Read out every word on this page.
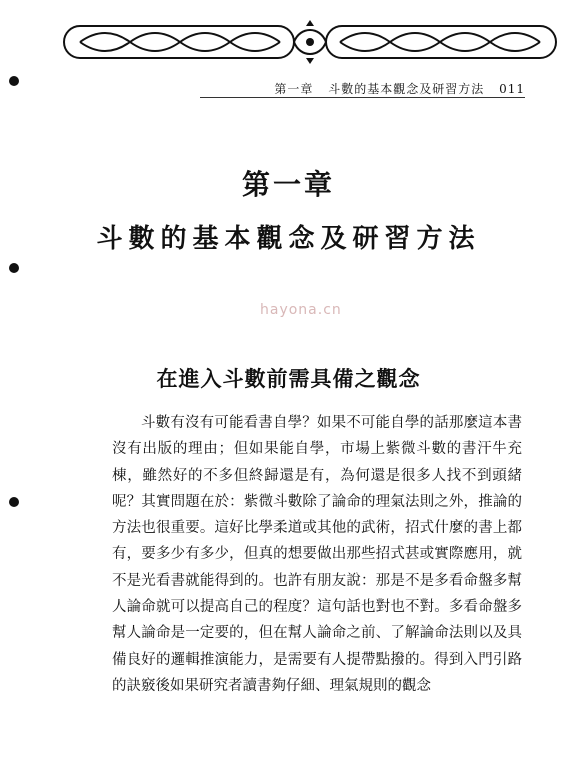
第一章 斗數的基本觀念及研習方法 011
第一章
斗數的基本觀念及研習方法
hayona.cn
在進入斗數前需具備之觀念

斗數有沒有可能看書自學？如果不可能自學的話那麼這本書沒有出版的理由；但如果能自學，市場上紫微斗數的書汗牛充棟，雖然好的不多但終歸還是有，為何還是很多人找不到頭緒呢？其實問題在於：紫微斗數除了論命的理氣法則之外，推論的方法也很重要。這好比學柔道或其他的武術，招式什麼的書上都有，要多少有多少，但真的想要做出那些招式甚或實際應用，就不是光看書就能得到的。也許有朋友說：那是不是多看命盤多幫人論命就可以提高自己的程度？這句話也對也不對。多看命盤多幫人論命是一定要的，但在幫人論命之前、了解論命法則以及具備良好的邏輯推演能力，是需要有人提帶點撥的。得到入門引路的訣竅後如果研究者讀書夠仔細、理氣規則的觀念
